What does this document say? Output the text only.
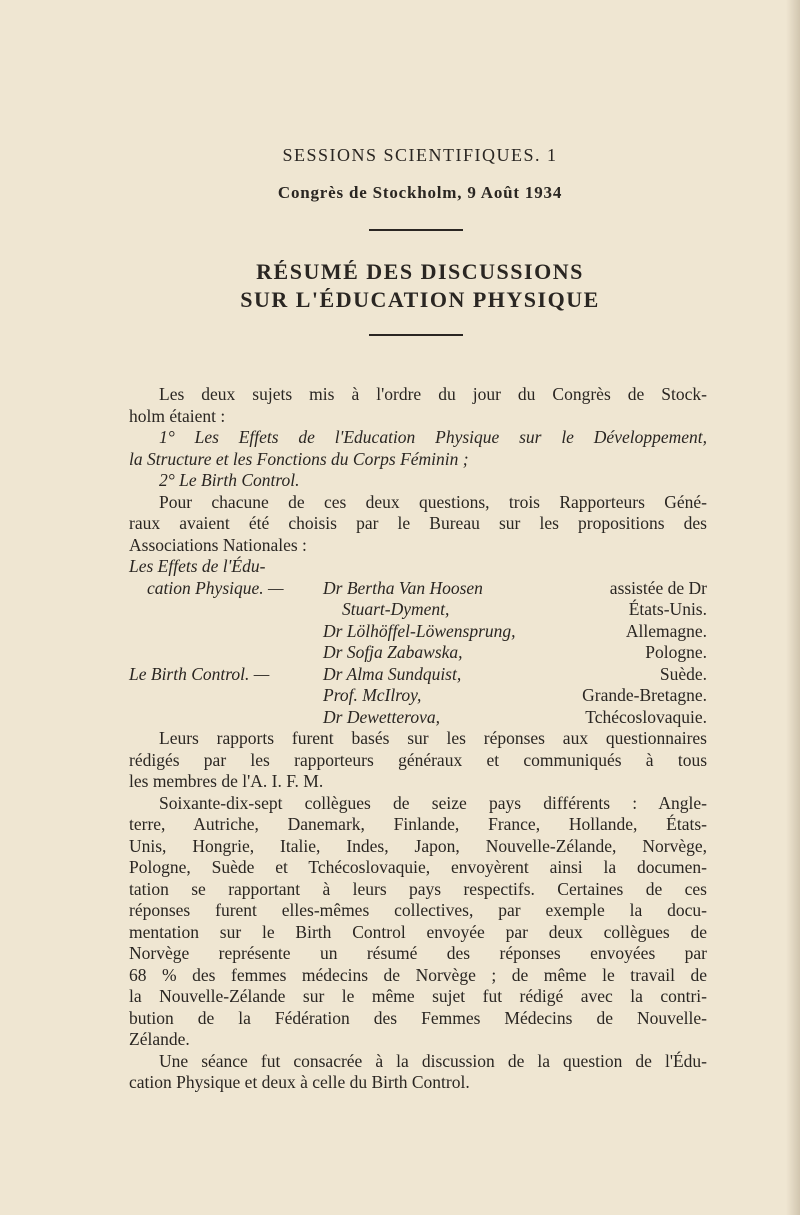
SESSIONS SCIENTIFIQUES. 1
Congrès de Stockholm, 9 Août 1934
RÉSUMÉ DES DISCUSSIONS
SUR L'ÉDUCATION PHYSIQUE
Les deux sujets mis à l'ordre du jour du Congrès de Stock-
holm étaient :
1° Les Effets de l'Education Physique sur le Développement,
la Structure et les Fonctions du Corps Féminin ;
2° Le Birth Control.
Pour chacune de ces deux questions, trois Rapporteurs Géné-
raux avaient été choisis par le Bureau sur les propositions des
Associations Nationales :
Les Effets de l'Édu-
cation Physique. — Dr Bertha Van Hoosen	assistée de Dr
Stuart-Dyment,	États-Unis.
Dr Lölhöffel-Löwensprung,	Allemagne.
Dr Sofja Zabawska,	Pologne.
Le Birth Control. —	Dr Alma Sundquist,	Suède.
Prof. McIlroy,	Grande-Bretagne.
Dr Dewetterova,	Tchécoslovaquie.
Leurs rapports furent basés sur les réponses aux questionnaires
rédigés par les rapporteurs généraux et communiqués à tous
les membres de l'A. I. F. M.
Soixante-dix-sept collègues de seize pays différents : Angle-
terre, Autriche, Danemark, Finlande, France, Hollande, États-
Unis, Hongrie, Italie, Indes, Japon, Nouvelle-Zélande, Norvège,
Pologne, Suède et Tchécoslovaquie, envoyèrent ainsi la documen-
tation se rapportant à leurs pays respectifs. Certaines de ces
réponses furent elles-mêmes collectives, par exemple la docu-
mentation sur le Birth Control envoyée par deux collègues de
Norvège représente un résumé des réponses envoyées par
68 % des femmes médecins de Norvège ; de même le travail de
la Nouvelle-Zélande sur le même sujet fut rédigé avec la contri-
bution de la Fédération des Femmes Médecins de Nouvelle-
Zélande.
Une séance fut consacrée à la discussion de la question de l'Édu-
cation Physique et deux à celle du Birth Control.
